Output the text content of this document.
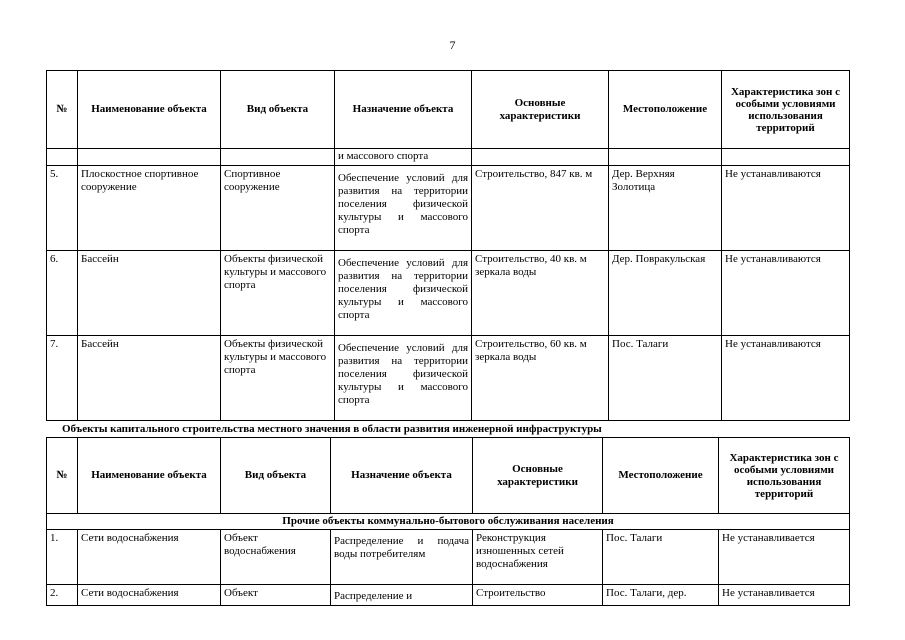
7
№	Наименование объекта	Вид объекта	Назначение объекта	Основные характеристики	Местоположение	Характеристика зон с особыми условиями использования территорий
			и массового спорта			
5.	Плоскостное спортивное сооружение	Спортивное сооружение	Обеспечение условий для развития на территории поселения физической культуры и массового спорта	Строительство, 847 кв. м	Дер. Верхняя Золотица	Не устанавливаются
6.	Бассейн	Объекты физической культуры и массового спорта	Обеспечение условий для развития на территории поселения физической культуры и массового спорта	Строительство, 40 кв. м зеркала воды	Дер. Повракульская	Не устанавливаются
7.	Бассейн	Объекты физической культуры и массового спорта	Обеспечение условий для развития на территории поселения физической культуры и массового спорта	Строительство, 60 кв. м зеркала воды	Пос. Талаги	Не устанавливаются
Объекты капитального строительства местного значения в области развития инженерной инфраструктуры
№	Наименование объекта	Вид объекта	Назначение объекта	Основные характеристики	Местоположение	Характеристика зон с особыми условиями использования территорий
Прочие объекты коммунально-бытового обслуживания населения						
1.	Сети водоснабжения	Объект водоснабжения	Распределение и подача воды потребителям	Реконструкция изношенных сетей водоснабжения	Пос. Талаги	Не устанавливается
2.	Сети водоснабжения	Объект	Распределение и	Строительство	Пос. Талаги, дер.	Не устанавливается
